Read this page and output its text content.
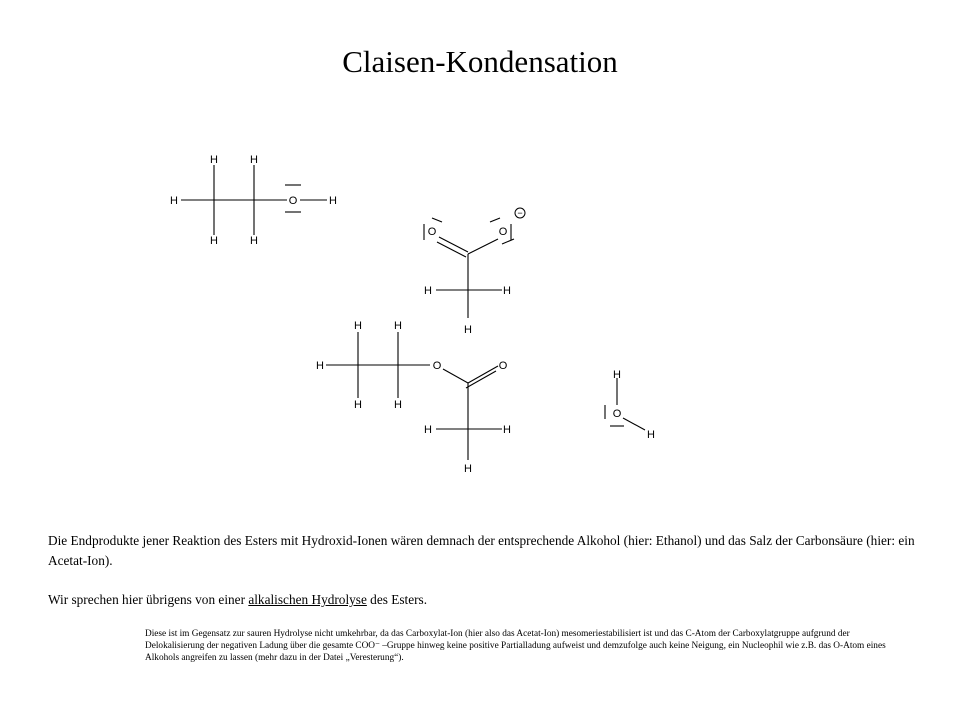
Claisen-Kondensation
H	H
H	O	H
H	H
−
O	O
H	H
H
H	H
H	O	O
H	H
H	H
H
H
O
H
Die Endprodukte jener Reaktion des Esters mit Hydroxid-Ionen wären demnach der entsprechende Alkohol (hier: Ethanol) und das Salz der Carbonsäure (hier: ein Acetat-Ion).
Wir sprechen hier übrigens von einer alkalischen Hydrolyse des Esters.
Diese ist im Gegensatz zur sauren Hydrolyse nicht umkehrbar, da das Carboxylat-Ion (hier also das Acetat-Ion) mesomeriestabilisiert ist und das C-Atom der Carboxylatgruppe aufgrund der Delokalisierung der negativen Ladung über die gesamte COO⁻ –Gruppe hinweg keine positive Partialladung aufweist und demzufolge auch keine Neigung, ein Nucleophil wie z.B. das O-Atom eines Alkohols angreifen zu lassen (mehr dazu in der Datei „Veresterung“).
